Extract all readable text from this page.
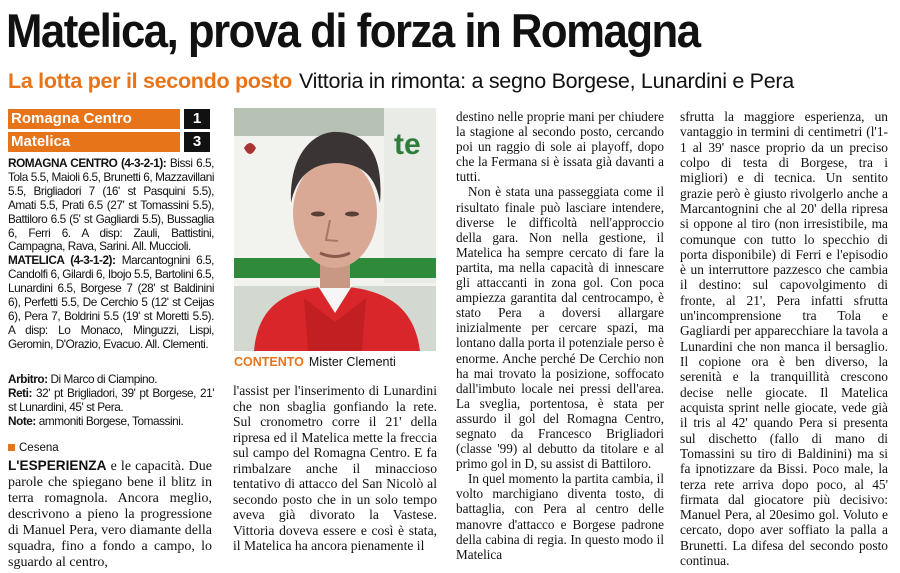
Matelica, prova di forza in Romagna
La lotta per il secondo posto Vittoria in rimonta: a segno Borgese, Lunardini e Pera
Romagna Centro	1
Matelica	3

ROMAGNA CENTRO (4-3-2-1): Bissi 6.5, Tola 5.5, Maioli 6.5, Brunetti 6, Mazzavillani 5.5, Brigliadori 7 (16' st Pasquini 5.5), Amati 5.5, Prati 6.5 (27' st Tomassini 5.5), Battiloro 6.5 (5' st Gagliardi 5.5), Bussaglia 6, Ferri 6. A disp: Zauli, Battistini, Campagna, Rava, Sarini. All. Muccioli.

MATELICA (4-3-1-2): Marcantognini 6.5, Candolfi 6, Gilardi 6, Ibojo 5.5, Bartolini 6.5, Lunardini 6.5, Borgese 7 (28' st Baldinini 6), Perfetti 5.5, De Cerchio 5 (12' st Ceijas 6), Pera 7, Boldrini 5.5 (19' st Moretti 5.5). A disp: Lo Monaco, Minguzzi, Lispi, Geromin, D'Orazio, Evacuo. All. Clementi.

Arbitro: Di Marco di Ciampino.

Reti: 32' pt Brigliadori, 39' pt Borgese, 21' st Lunardini, 45' st Pera.

Note: ammoniti Borgese, Tomassini.

Cesena

L'ESPERIENZA e le capacità. Due parole che spiegano bene il blitz in terra romagnola. Ancora meglio, descrivono a pieno la progressione di Manuel Pera, vero diamante della squadra, fino a fondo a campo, lo sguardo al centro,

te
CONTENTO Mister Clementi

l'assist per l'inserimento di Lunardini che non sbaglia gonfiando la rete. Sul cronometro corre il 21' della ripresa ed il Matelica mette la freccia sul campo del Romagna Centro. E fa rimbalzare anche il minaccioso tentativo di attacco del San Nicolò al secondo posto che in un solo tempo aveva già divorato la Vastese. Vittoria doveva essere e così è stata, il Matelica ha ancora pienamente il

destino nelle proprie mani per chiudere la stagione al secondo posto, cercando poi un raggio di sole ai playoff, dopo che la Fermana si è issata già davanti a tutti.

Non è stata una passeggiata come il risultato finale può lasciare intendere, diverse le difficoltà nell'approccio della gara. Non nella gestione, il Matelica ha sempre cercato di fare la partita, ma nella capacità di innescare gli attaccanti in zona gol. Con poca ampiezza garantita dal centrocampo, è stato Pera a doversi allargare inizialmente per cercare spazi, ma lontano dalla porta il potenziale perso è enorme. Anche perché De Cerchio non ha mai trovato la posizione, soffocato dall'imbuto locale nei pressi dell'area. La sveglia, portentosa, è stata per assurdo il gol del Romagna Centro, segnato da Francesco Brigliadori (classe '99) al debutto da titolare e al primo gol in D, su assist di Battiloro.

In quel momento la partita cambia, il volto marchigiano diventa tosto, di battaglia, con Pera al centro delle manovre d'attacco e Borgese padrone della cabina di regia. In questo modo il Matelica

sfrutta la maggiore esperienza, un vantaggio in termini di centimetri (l'1-1 al 39' nasce proprio da un preciso colpo di testa di Borgese, tra i migliori) e di tecnica. Un sentito grazie però è giusto rivolgerlo anche a Marcantognini che al 20' della ripresa si oppone al tiro (non irresistibile, ma comunque con tutto lo specchio di porta disponibile) di Ferri e l'episodio è un interruttore pazzesco che cambia il destino: sul capovolgimento di fronte, al 21', Pera infatti sfrutta un'incomprensione tra Tola e Gagliardi per apparecchiare la tavola a Lunardini che non manca il bersaglio. Il copione ora è ben diverso, la serenità e la tranquillità crescono decise nelle giocate. Il Matelica acquista sprint nelle giocate, vede già il tris al 42' quando Pera si presenta sul dischetto (fallo di mano di Tomassini su tiro di Baldinini) ma si fa ipnotizzare da Bissi. Poco male, la terza rete arriva dopo poco, al 45' firmata dal giocatore più decisivo: Manuel Pera, al 20esimo gol. Voluto e cercato, dopo aver soffiato la palla a Brunetti. La difesa del secondo posto continua.
